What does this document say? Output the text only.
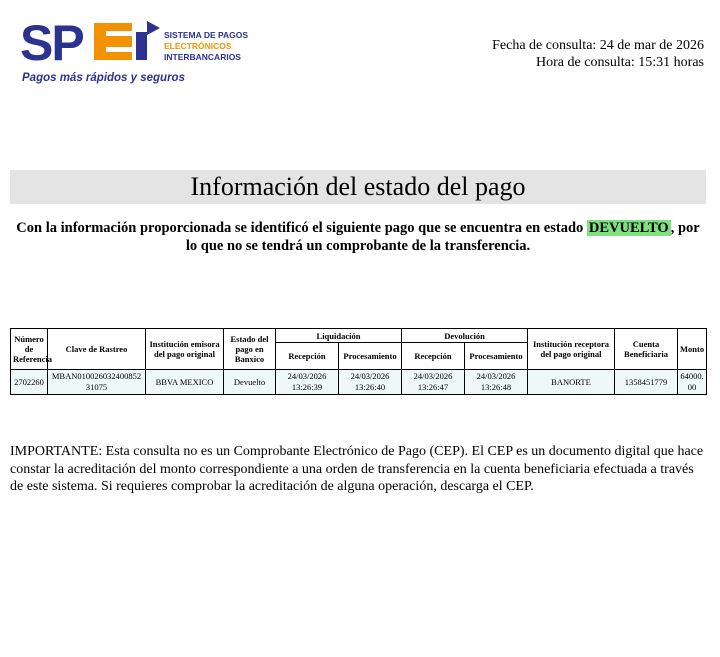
SP	SISTEMA DE PAGOS
ELECTRÓNICOS
INTERBANCARIOS
Pagos más rápidos y seguros
Fecha de consulta: 24 de mar de 2026
Hora de consulta: 15:31 horas
Información del estado del pago
Con la información proporcionada se identificó el siguiente pago que se encuentra en estado DEVUELTO , por lo que no se tendrá un comprobante de la transferencia.
Número de Referencia	Clave de Rastreo	Institución emisora del pago original	Estado del pago en Banxico	Liquidación		Devolución		Institución receptora del pago original	Cuenta Beneficiaria	Monto
				Recepción	Procesamiento	Recepción	Procesamiento			
2702260	MBAN01002603240085231075	BBVA MEXICO	Devuelto	24/03/2026 13:26:39	24/03/2026 13:26:40	24/03/2026 13:26:47	24/03/2026 13:26:48	BANORTE	1358451779	64000.00
IMPORTANTE: Esta consulta no es un Comprobante Electrónico de Pago (CEP). El CEP es un documento digital que hace constar la acreditación del monto correspondiente a una orden de transferencia en la cuenta beneficiaria efectuada a través de este sistema. Si requieres comprobar la acreditación de alguna operación, descarga el CEP.
